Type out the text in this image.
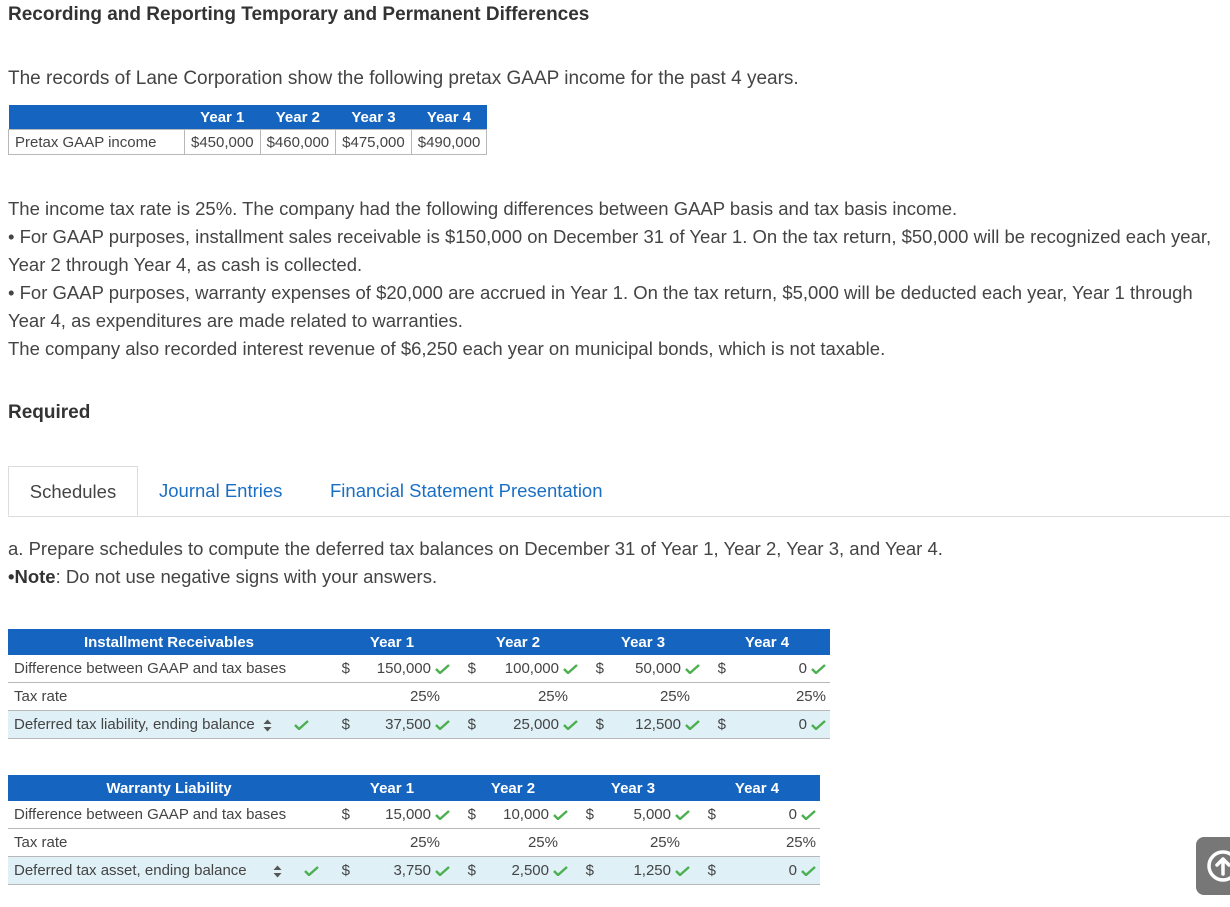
Recording and Reporting Temporary and Permanent Differences
The records of Lane Corporation show the following pretax GAAP income for the past 4 years.
	Year 1	Year 2	Year 3	Year 4
Pretax GAAP income	$450,000	$460,000	$475,000	$490,000
The income tax rate is 25%. The company had the following differences between GAAP basis and tax basis income.
• For GAAP purposes, installment sales receivable is $150,000 on December 31 of Year 1. On the tax return, $50,000 will be recognized each year, Year 2 through Year 4, as cash is collected.
• For GAAP purposes, warranty expenses of $20,000 are accrued in Year 1. On the tax return, $5,000 will be deducted each year, Year 1 through Year 4, as expenditures are made related to warranties.
The company also recorded interest revenue of $6,250 each year on municipal bonds, which is not taxable.
Required
Schedules	Journal Entries	Financial Statement Presentation
a. Prepare schedules to compute the deferred tax balances on December 31 of Year 1, Year 2, Year 3, and Year 4.
•Note: Do not use negative signs with your answers.
Installment Receivables	Year 1		Year 2		Year 3		Year 4	
Difference between GAAP and tax bases	$	150,000	$	100,000	$	50,000	$	0
Tax rate		25%		25%		25%		25%
Deferred tax liability, ending balance	$	37,500	$	25,000	$	12,500	$	0
Warranty Liability	Year 1		Year 2		Year 3		Year 4	
Difference between GAAP and tax bases	$	15,000	$	10,000	$	5,000	$	0
Tax rate		25%		25%		25%		25%
Deferred tax asset, ending balance	$	3,750	$	2,500	$	1,250	$	0
